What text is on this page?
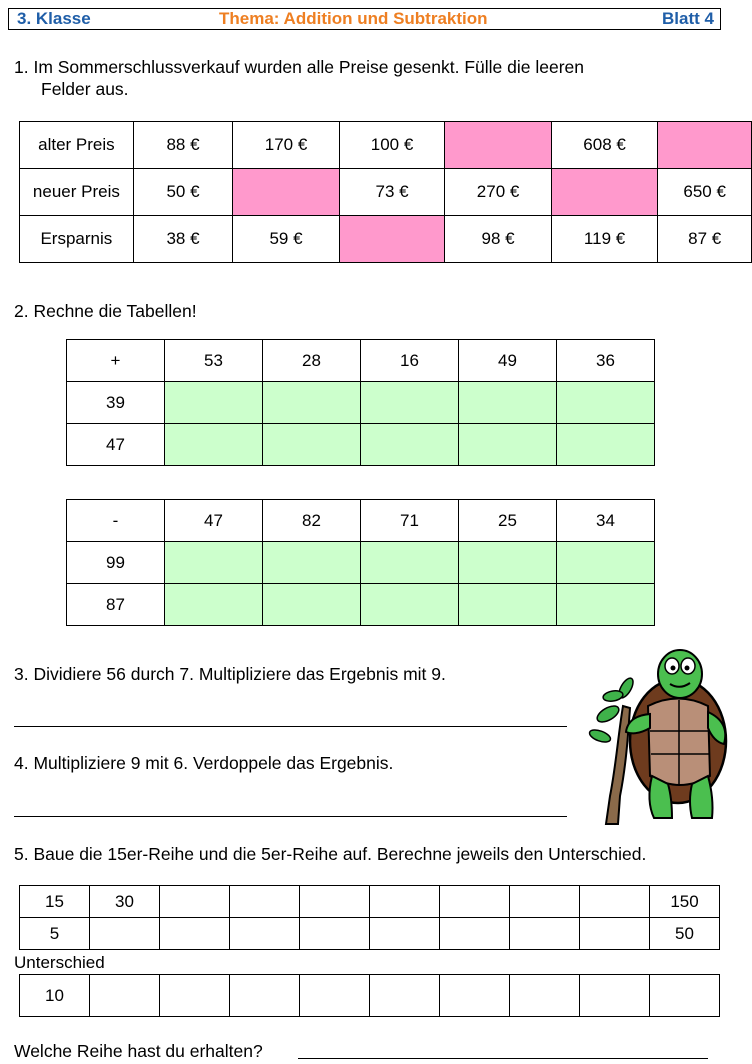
3. Klasse	Thema: Addition und Subtraktion	Blatt 4
1. Im Sommerschlussverkauf wurden alle Preise gesenkt. Fülle die leeren
Felder aus.
alter Preis	88 €	170 €	100 €		608 €	
neuer Preis	50 €		73 €	270 €		650 €
Ersparnis	38 €	59 €		98 €	119 €	87 €
2. Rechne die Tabellen!
+	53	28	16	49	36
39					
47					
-	47	82	71	25	34
99					
87					
3. Dividiere 56 durch 7. Multipliziere das Ergebnis mit 9.
4. Multipliziere 9 mit 6. Verdoppele das Ergebnis.
5. Baue die 15er-Reihe und die 5er-Reihe auf. Berechne jeweils den Unterschied.
15	30								150
5									50
Unterschied
10									
Welche Reihe hast du erhalten?
